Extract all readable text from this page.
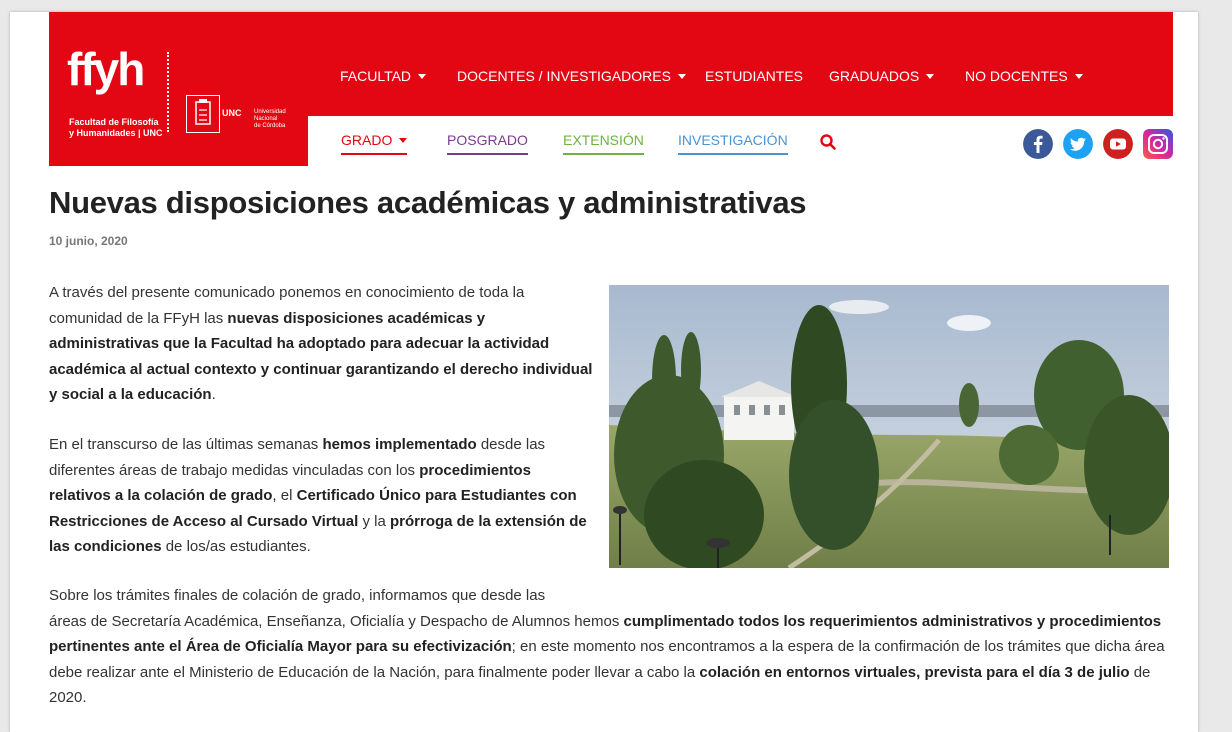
ffyh
Facultad de Filosofía
y Humanidades | UNC
UNC Universidad
Nacional
de Córdoba
FACULTAD	DOCENTES / INVESTIGADORES	ESTUDIANTES GRADUADOS	NO DOCENTES
GRADO	POSGRADO	EXTENSIÓN INVESTIGACIÓN
Nuevas disposiciones académicas y administrativas
10 junio, 2020

A través del presente comunicado ponemos en conocimiento de toda la comunidad de la FFyH las nuevas disposiciones académicas y administrativas que la Facultad ha adoptado para adecuar la actividad académica al actual contexto y continuar garantizando el derecho individual y social a la educación.

En el transcurso de las últimas semanas hemos implementado desde las diferentes áreas de trabajo medidas vinculadas con los procedimientos relativos a la colación de grado, el Certificado Único para Estudiantes con Restricciones de Acceso al Cursado Virtual y la prórroga de la extensión de las condiciones de los/as estudiantes.

Sobre los trámites finales de colación de grado, informamos que desde las
áreas de Secretaría Académica, Enseñanza, Oficialía y Despacho de Alumnos hemos cumplimentado todos los requerimientos administrativos y procedimientos pertinentes ante el Área de Oficialía Mayor para su efectivización; en este momento nos encontramos a la espera de la confirmación de los trámites que dicha área debe realizar ante el Ministerio de Educación de la Nación, para finalmente poder llevar a cabo la colación en entornos virtuales, prevista para el día 3 de julio de 2020.
